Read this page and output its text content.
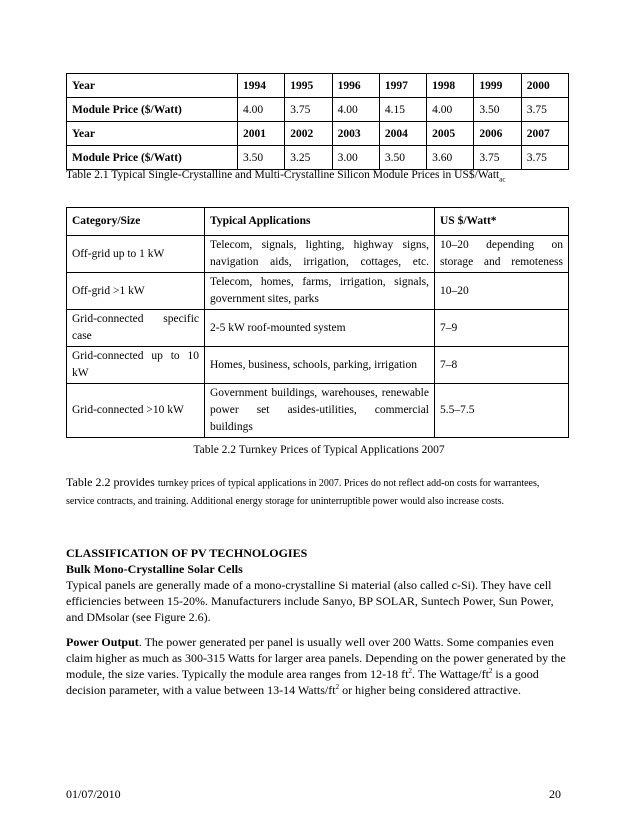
Year	1994	1995	1996	1997	1998	1999	2000
Module Price ($/Watt)	4.00	3.75	4.00	4.15	4.00	3.50	3.75
Year	2001	2002	2003	2004	2005	2006	2007
Module Price ($/Watt)	3.50	3.25	3.00	3.50	3.60	3.75	3.75
Table 2.1 Typical Single-Crystalline and Multi-Crystalline Silicon Module Prices in US$/Watt$_{ac}$
Category/Size	Typical Applications	US $/Watt*
Off-grid up to 1 kW	Telecom, signals, lighting, highway signs, navigation aids, irrigation, cottages, etc.	10–20 depending on storage and remoteness
Off-grid >1 kW	Telecom, homes, farms, irrigation, signals, government sites, parks	10–20
Grid-connected specific case	2-5 kW roof-mounted system	7–9
Grid-connected up to 10 kW	Homes, business, schools, parking, irrigation	7–8
Grid-connected >10 kW	Government buildings, warehouses, renewable power set asides-utilities, commercial buildings	5.5–7.5
Table 2.2 Turnkey Prices of Typical Applications 2007
Table 2.2 provides turnkey prices of typical applications in 2007. Prices do not reflect add-on costs for warrantees, service contracts, and training. Additional energy storage for uninterruptible power would also increase costs.
CLASSIFICATION OF PV TECHNOLOGIES
Bulk Mono-Crystalline Solar Cells
Typical panels are generally made of a mono-crystalline Si material (also called c-Si). They have cell efficiencies between 15-20%. Manufacturers include Sanyo, BP SOLAR, Suntech Power, Sun Power, and DMsolar (see Figure 2.6).
Power Output. The power generated per panel is usually well over 200 Watts. Some companies even claim higher as much as 300-315 Watts for larger area panels. Depending on the power generated by the module, the size varies. Typically the module area ranges from 12-18 $ft^2$. The Wattage/$ft^2$ is a good decision parameter, with a value between 13-14 Watts/$ft^2$ or higher being considered attractive.
01/07/2010	20
